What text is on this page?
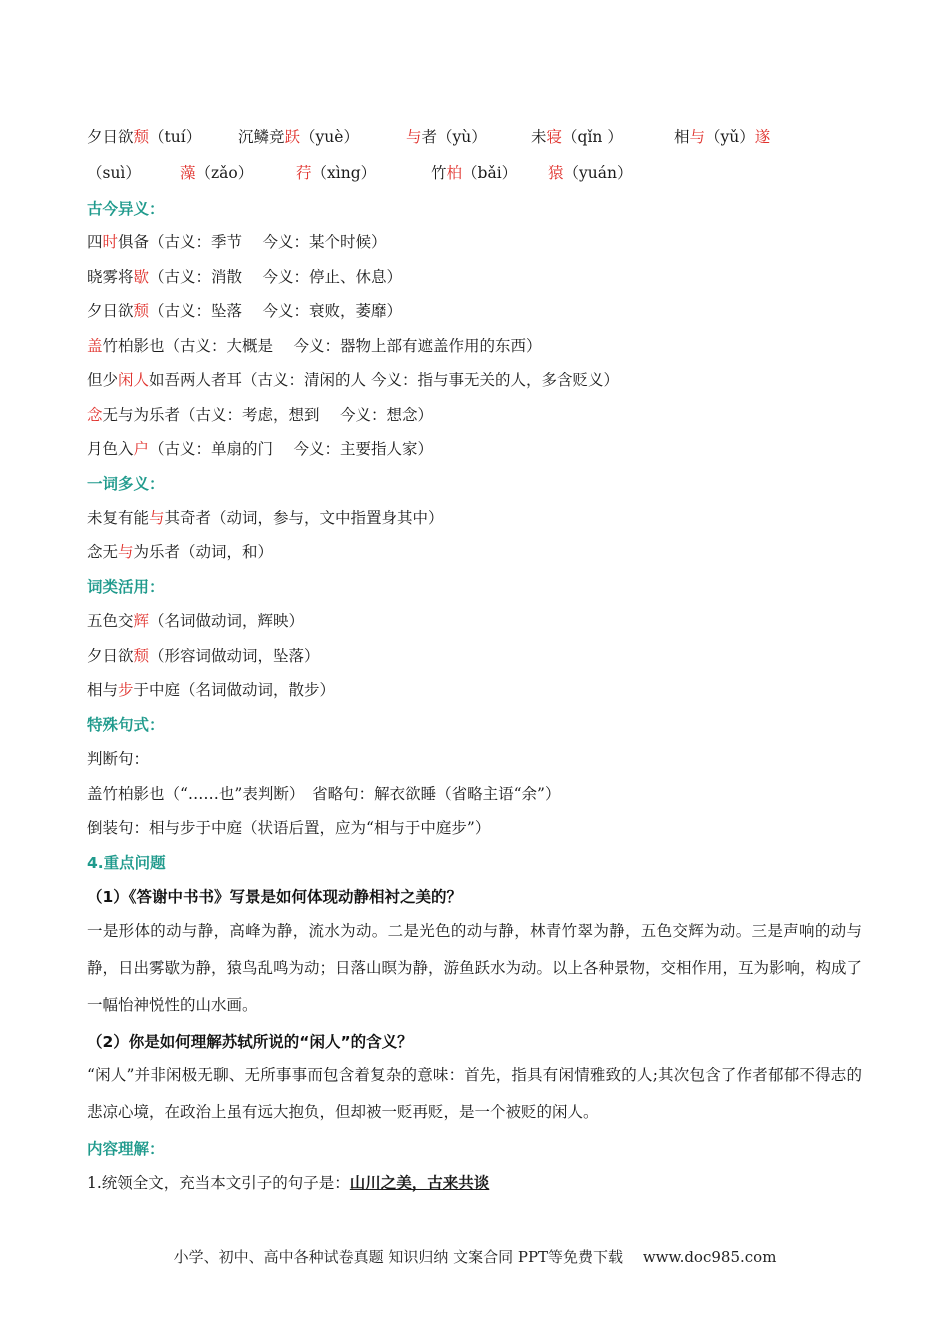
夕日欲颓（tuí） 沉鳞竞跃（yuè）	与者（yù）	未寝（qǐn ）	相与（yǔ）遂
（suì）	藻（zǎo）	荇（xìng）	竹柏（bǎi） 猿（yuán）
古今异义：
四时俱备（古义：季节　 今义：某个时候）
晓雾将歇（古义：消散　 今义：停止、休息）
夕日欲颓（古义：坠落　 今义：衰败，萎靡）
盖竹柏影也（古义：大概是　 今义：器物上部有遮盖作用的东西）
但少闲人如吾两人者耳（古义：清闲的人 今义：指与事无关的人，多含贬义）
念无与为乐者（古义：考虑，想到　 今义：想念）
月色入户（古义：单扇的门　 今义：主要指人家）
一词多义：
未复有能与其奇者（动词，参与，文中指置身其中）
念无与为乐者（动词，和）
词类活用：
五色交辉（名词做动词，辉映）
夕日欲颓（形容词做动词，坠落）
相与步于中庭（名词做动词，散步）
特殊句式：
判断句：
盖竹柏影也（“……也”表判断）　省略句：解衣欲睡（省略主语“余”）
倒装句：相与步于中庭（状语后置，应为“相与于中庭步”）
4.重点问题
（1）《答谢中书书》写景是如何体现动静相衬之美的？
一是形体的动与静，高峰为静，流水为动。二是光色的动与静，林青竹翠为静，五色交辉为动。三是声响的动与静，日出雾歇为静，猿鸟乱鸣为动；日落山暝为静，游鱼跃水为动。以上各种景物，交相作用，互为影响，构成了一幅怡神悦性的山水画。
（2）你是如何理解苏轼所说的“闲人”的含义？
“闲人”并非闲极无聊、无所事事而包含着复杂的意味：首先，指具有闲情雅致的人;其次包含了作者郁郁不得志的悲凉心境，在政治上虽有远大抱负，但却被一贬再贬，是一个被贬的闲人。
内容理解：
1.统领全文，充当本文引子的句子是：山川之美，古来共谈
小学、初中、高中各种试卷真题 知识归纳 文案合同 PPT等免费下载　 www.doc985.com
